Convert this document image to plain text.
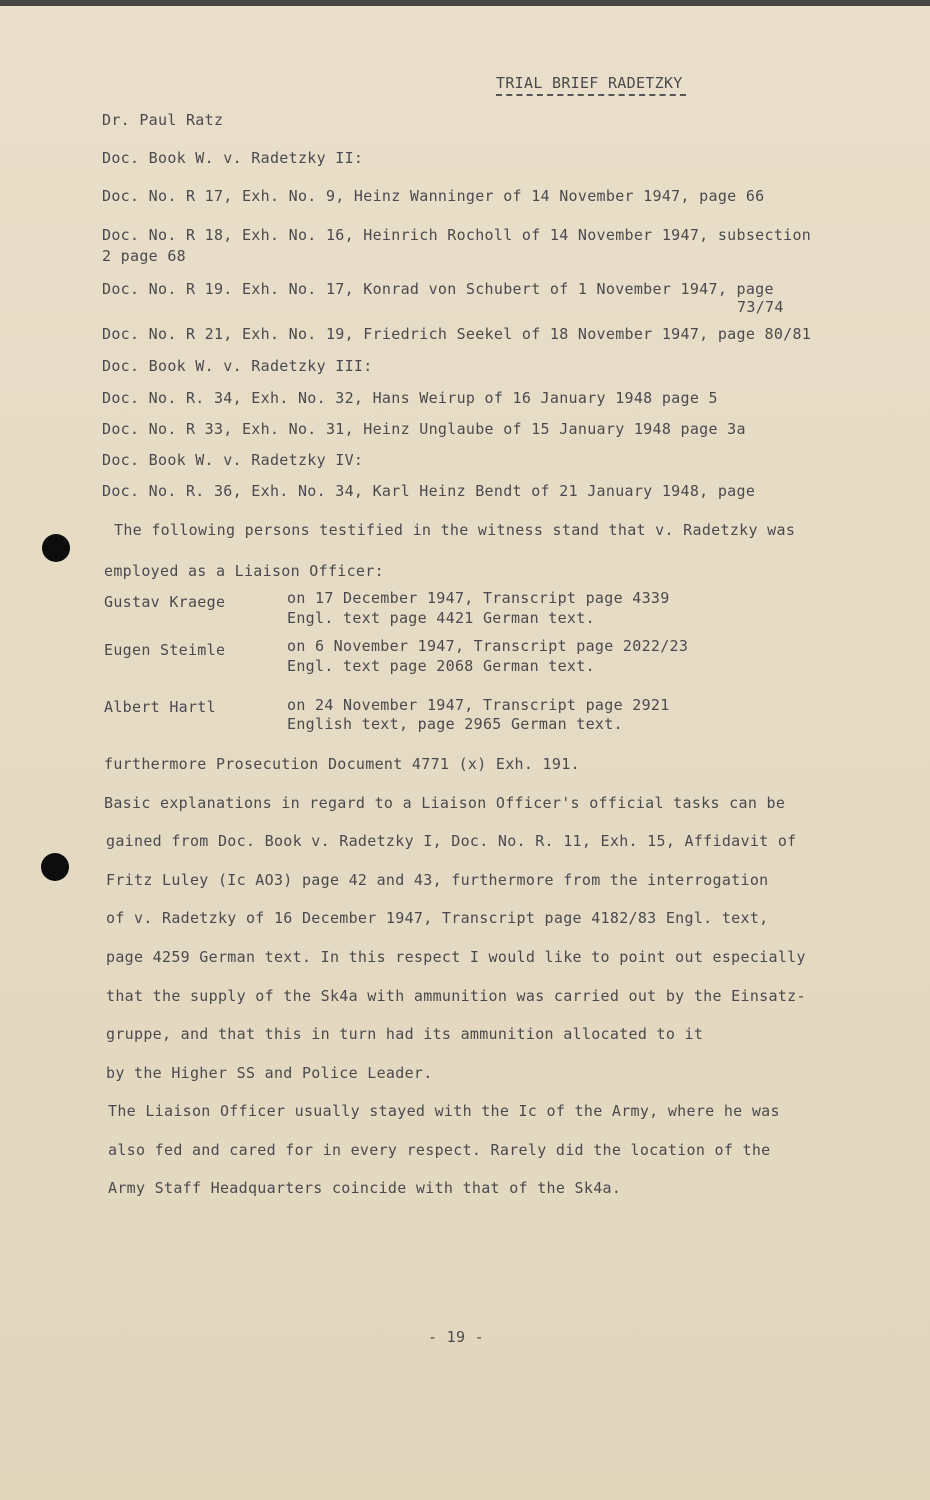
TRIAL BRIEF RADETZKY
Dr. Paul Ratz
Doc. Book W. v. Radetzky II:
Doc. No. R 17, Exh. No. 9, Heinz Wanninger of 14 November 1947, page 66
Doc. No. R 18, Exh. No. 16, Heinrich Rocholl of 14 November 1947, subsection
2 page 68
Doc. No. R 19. Exh. No. 17, Konrad von Schubert of 1 November 1947, page
73/74
Doc. No. R 21, Exh. No. 19, Friedrich Seekel of 18 November 1947, page 80/81
Doc. Book W. v. Radetzky III:
Doc. No. R. 34, Exh. No. 32, Hans Weirup of 16 January 1948 page 5
Doc. No. R 33, Exh. No. 31, Heinz Unglaube of 15 January 1948 page 3a
Doc. Book W. v. Radetzky IV:
Doc. No. R. 36, Exh. No. 34, Karl Heinz Bendt of 21 January 1948, page
The following persons testified in the witness stand that v. Radetzky was
employed as a Liaison Officer:
Gustav Kraege	on 17 December 1947, Transcript page 4339
Engl. text page 4421 German text.
Eugen Steimle	on 6 November 1947, Transcript page 2022/23
Engl. text page 2068 German text.
Albert Hartl	on 24 November 1947, Transcript page 2921
English text, page 2965 German text.
furthermore Prosecution Document 4771 (x) Exh. 191.
Basic explanations in regard to a Liaison Officer's official tasks can be
gained from Doc. Book v. Radetzky I, Doc. No. R. 11, Exh. 15, Affidavit of
Fritz Luley (Ic AO3) page 42 and 43, furthermore from the interrogation
of v. Radetzky of 16 December 1947, Transcript page 4182/83 Engl. text,
page 4259 German text. In this respect I would like to point out especially
that the supply of the Sk4a with ammunition was carried out by the Einsatz-
gruppe, and that this in turn had its ammunition allocated to it
by the Higher SS and Police Leader.
The Liaison Officer usually stayed with the Ic of the Army, where he was
also fed and cared for in every respect. Rarely did the location of the
Army Staff Headquarters coincide with that of the Sk4a.
- 19 -
